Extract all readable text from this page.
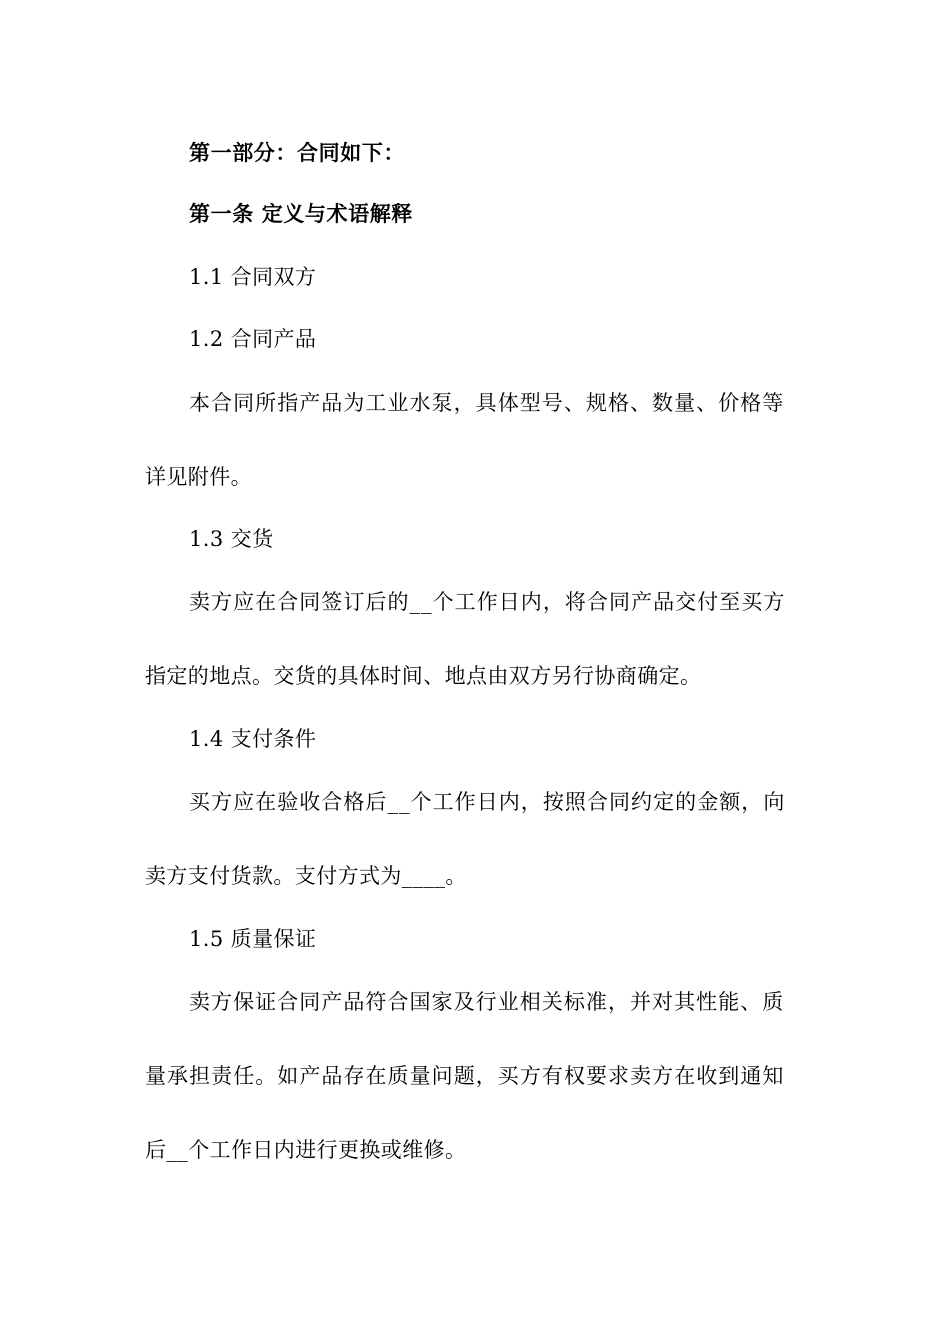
第一部分：合同如下：
第一条 定义与术语解释
1.1 合同双方
1.2 合同产品
本合同所指产品为工业水泵，具体型号、规格、数量、价格等
详见附件。
1.3 交货
卖方应在合同签订后的__个工作日内，将合同产品交付至买方
指定的地点。交货的具体时间、地点由双方另行协商确定。
1.4 支付条件
买方应在验收合格后__个工作日内，按照合同约定的金额，向
卖方支付货款。支付方式为____。
1.5 质量保证
卖方保证合同产品符合国家及行业相关标准，并对其性能、质
量承担责任。如产品存在质量问题，买方有权要求卖方在收到通知
后__个工作日内进行更换或维修。
